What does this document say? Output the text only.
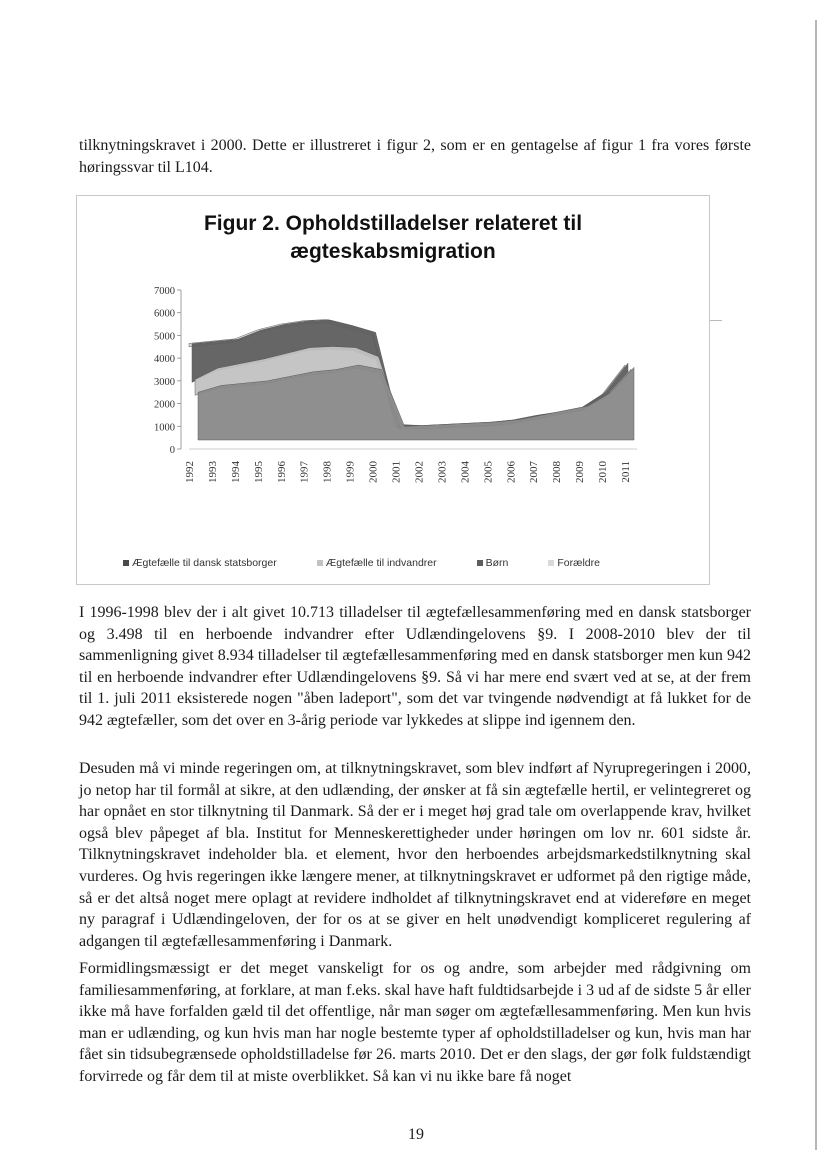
tilknytningskravet i 2000. Dette er illustreret i figur 2, som er en gentagelse af figur 1 fra vores første høringssvar til L104.

Figur 2. Opholdstilladelser relateret til
ægteskabsmigration
0
1000
2000
3000
4000
5000
6000
7000
1992 1993 1994 1995 1996 1997 1998 1999 2000 2001 2002 2003 2004 2005 2006 2007 2008 2009 2010 2011
Ægtefælle til dansk statsborger	Ægtefælle til indvandrer	Børn	Forældre

I 1996-1998 blev der i alt givet 10.713 tilladelser til ægtefællesammenføring med en dansk statsborger og 3.498 til en herboende indvandrer efter Udlændingelovens §9. I 2008-2010 blev der til sammenligning givet 8.934 tilladelser til ægtefællesammenføring med en dansk statsborger men kun 942 til en herboende indvandrer efter Udlændingelovens §9. Så vi har mere end svært ved at se, at der frem til 1. juli 2011 eksisterede nogen "åben ladeport", som det var tvingende nødvendigt at få lukket for de 942 ægtefæller, som det over en 3-årig periode var lykkedes at slippe ind igennem den.

Desuden må vi minde regeringen om, at tilknytningskravet, som blev indført af Nyrupregeringen i 2000, jo netop har til formål at sikre, at den udlænding, der ønsker at få sin ægtefælle hertil, er velintegreret og har opnået en stor tilknytning til Danmark. Så der er i meget høj grad tale om overlappende krav, hvilket også blev påpeget af bla. Institut for Menneskerettigheder under høringen om lov nr. 601 sidste år. Tilknytningskravet indeholder bla. et element, hvor den herboendes arbejdsmarkedstilknytning skal vurderes. Og hvis regeringen ikke længere mener, at tilknytningskravet er udformet på den rigtige måde, så er det altså noget mere oplagt at revidere indholdet af tilknytningskravet end at videreføre en meget ny paragraf i Udlændingeloven, der for os at se giver en helt unødvendigt kompliceret regulering af adgangen til ægtefællesammenføring i Danmark.

Formidlingsmæssigt er det meget vanskeligt for os og andre, som arbejder med rådgivning om familiesammenføring, at forklare, at man f.eks. skal have haft fuldtidsarbejde i 3 ud af de sidste 5 år eller ikke må have forfalden gæld til det offentlige, når man søger om ægtefællesammenføring. Men kun hvis man er udlænding, og kun hvis man har nogle bestemte typer af opholdstilladelser og kun, hvis man har fået sin tidsubegrænsede opholdstilladelse før 26. marts 2010. Det er den slags, der gør folk fuldstændigt forvirrede og får dem til at miste overblikket. Så kan vi nu ikke bare få noget

19
